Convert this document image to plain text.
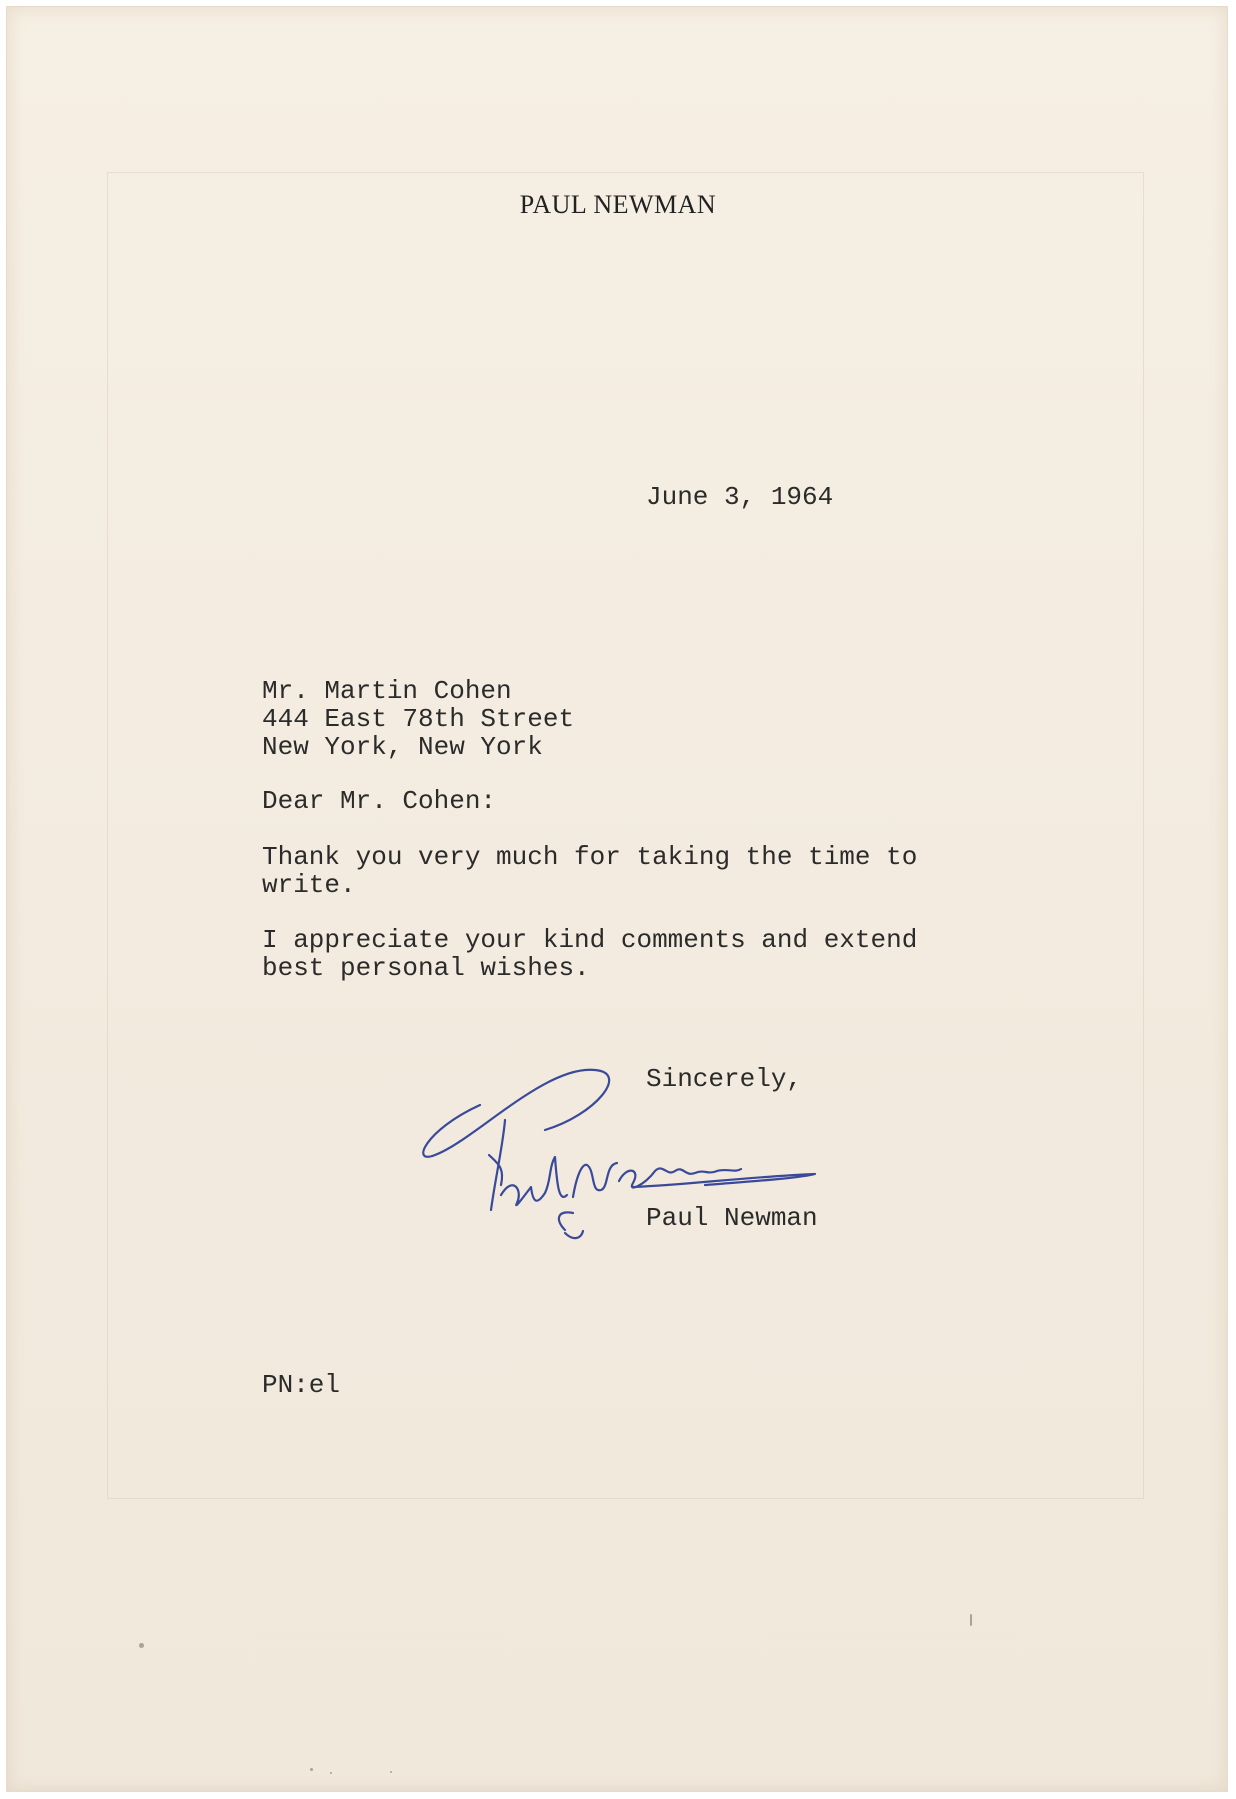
PAUL NEWMAN
June 3, 1964
Mr. Martin Cohen
444 East 78th Street
New York, New York
Dear Mr. Cohen:
Thank you very much for taking the time to
write.
I appreciate your kind comments and extend
best personal wishes.
Sincerely,
Paul Newman
PN:el
